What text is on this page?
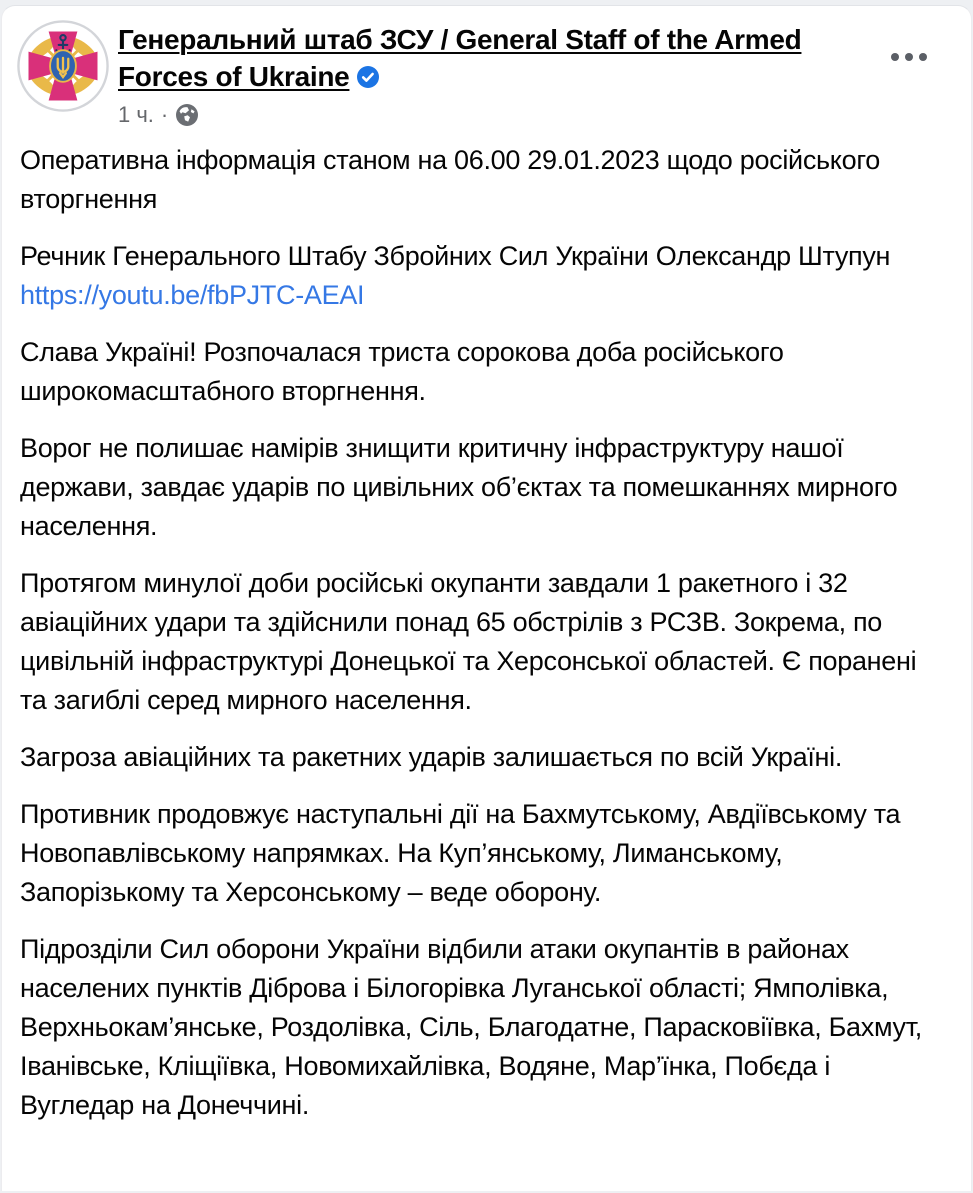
Генеральний штаб ЗСУ / General Staff of the Armed Forces of Ukraine
1 ч. ·

Оперативна інформація станом на 06.00 29.01.2023 щодо російського вторгнення

Речник Генерального Штабу Збройних Сил України Олександр Штупун https://youtu.be/fbPJTC-AEAI

Слава Україні! Розпочалася триста сорокова доба російського широкомасштабного вторгнення.

Ворог не полишає намірів знищити критичну інфраструктуру нашої держави, завдає ударів по цивільних об’єктах та помешканнях мирного населення.

Протягом минулої доби російські окупанти завдали 1 ракетного і 32 авіаційних удари та здійснили понад 65 обстрілів з РСЗВ. Зокрема, по цивільній інфраструктурі Донецької та Херсонської областей. Є поранені та загиблі серед мирного населення.

Загроза авіаційних та ракетних ударів залишається по всій Україні.

Противник продовжує наступальні дії на Бахмутському, Авдіївському та Новопавлівському напрямках. На Куп’янському, Лиманському, Запорізькому та Херсонському – веде оборону.

Підрозділи Сил оборони України відбили атаки окупантів в районах населених пунктів Діброва і Білогорівка Луганської області; Ямполівка, Верхньокам’янське, Роздолівка, Сіль, Благодатне, Парасковіївка, Бахмут, Іванівське, Кліщіївка, Новомихайлівка, Водяне, Мар’їнка, Побєда і Вугледар на Донеччині.
